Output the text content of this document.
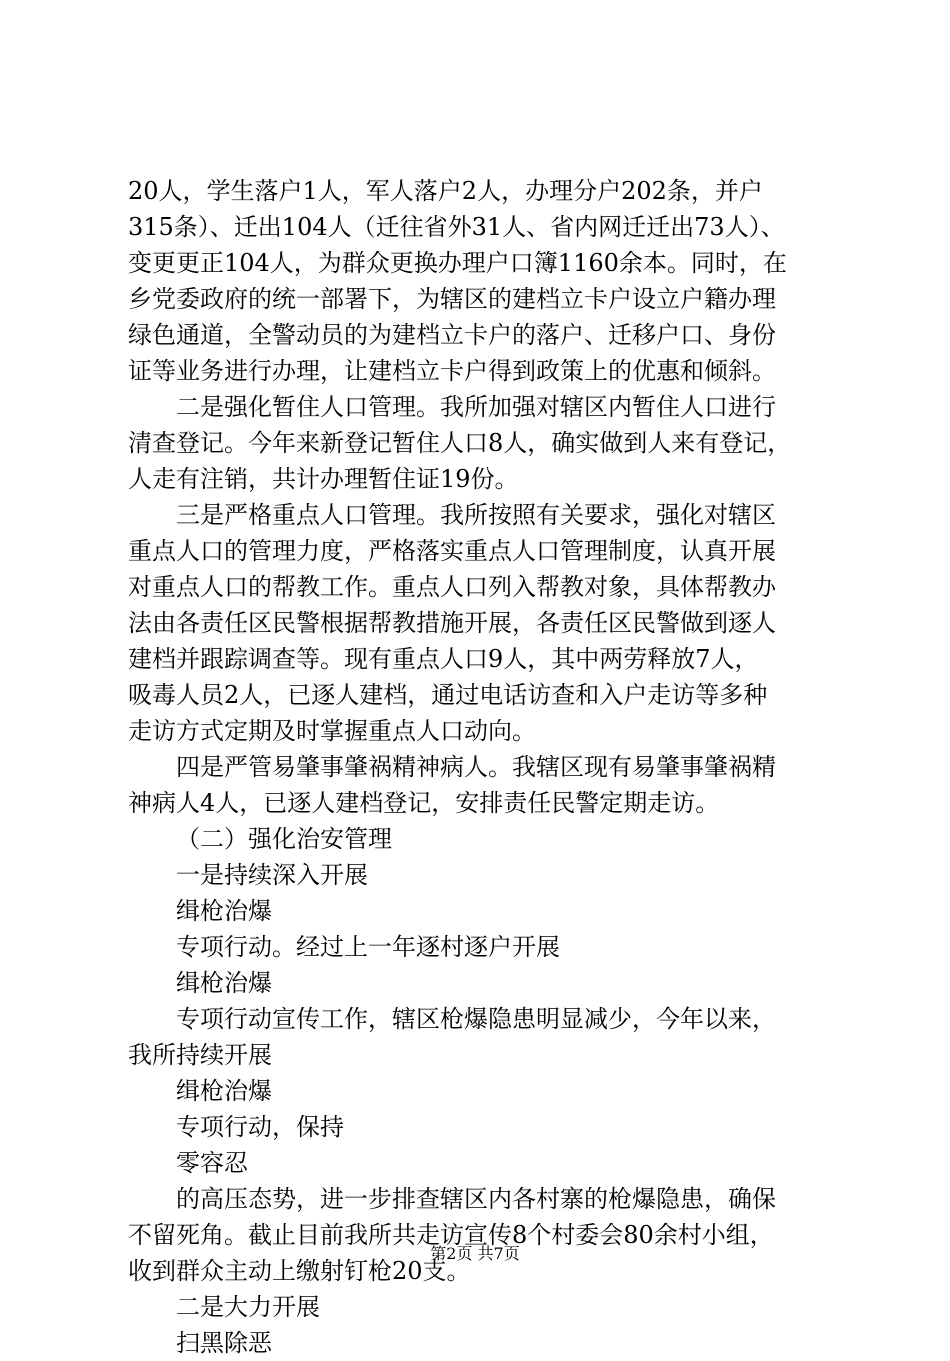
20人，学生落户1人，军人落户2人，办理分户202条，并户
315条）、迁出104人（迁往省外31人、省内网迁迁出73人）、
变更更正104人，为群众更换办理户口簿1160余本。同时，在
乡党委政府的统一部署下，为辖区的建档立卡户设立户籍办理
绿色通道，全警动员的为建档立卡户的落户、迁移户口、身份
证等业务进行办理，让建档立卡户得到政策上的优惠和倾斜。
二是强化暂住人口管理。我所加强对辖区内暂住人口进行
清查登记。今年来新登记暂住人口8人，确实做到人来有登记，
人走有注销，共计办理暂住证19份。
三是严格重点人口管理。我所按照有关要求，强化对辖区
重点人口的管理力度，严格落实重点人口管理制度，认真开展
对重点人口的帮教工作。重点人口列入帮教对象，具体帮教办
法由各责任区民警根据帮教措施开展，各责任区民警做到逐人
建档并跟踪调查等。现有重点人口9人，其中两劳释放7人，
吸毒人员2人，已逐人建档，通过电话访查和入户走访等多种
走访方式定期及时掌握重点人口动向。
四是严管易肇事肇祸精神病人。我辖区现有易肇事肇祸精
神病人4人，已逐人建档登记，安排责任民警定期走访。
（二）强化治安管理
一是持续深入开展
缉枪治爆
专项行动。经过上一年逐村逐户开展
缉枪治爆
专项行动宣传工作，辖区枪爆隐患明显减少，今年以来，
我所持续开展
缉枪治爆
专项行动，保持
零容忍
的高压态势，进一步排查辖区内各村寨的枪爆隐患，确保
不留死角。截止目前我所共走访宣传8个村委会80余村小组，
收到群众主动上缴射钉枪20支。
二是大力开展
扫黑除恶
第2页 共7页
